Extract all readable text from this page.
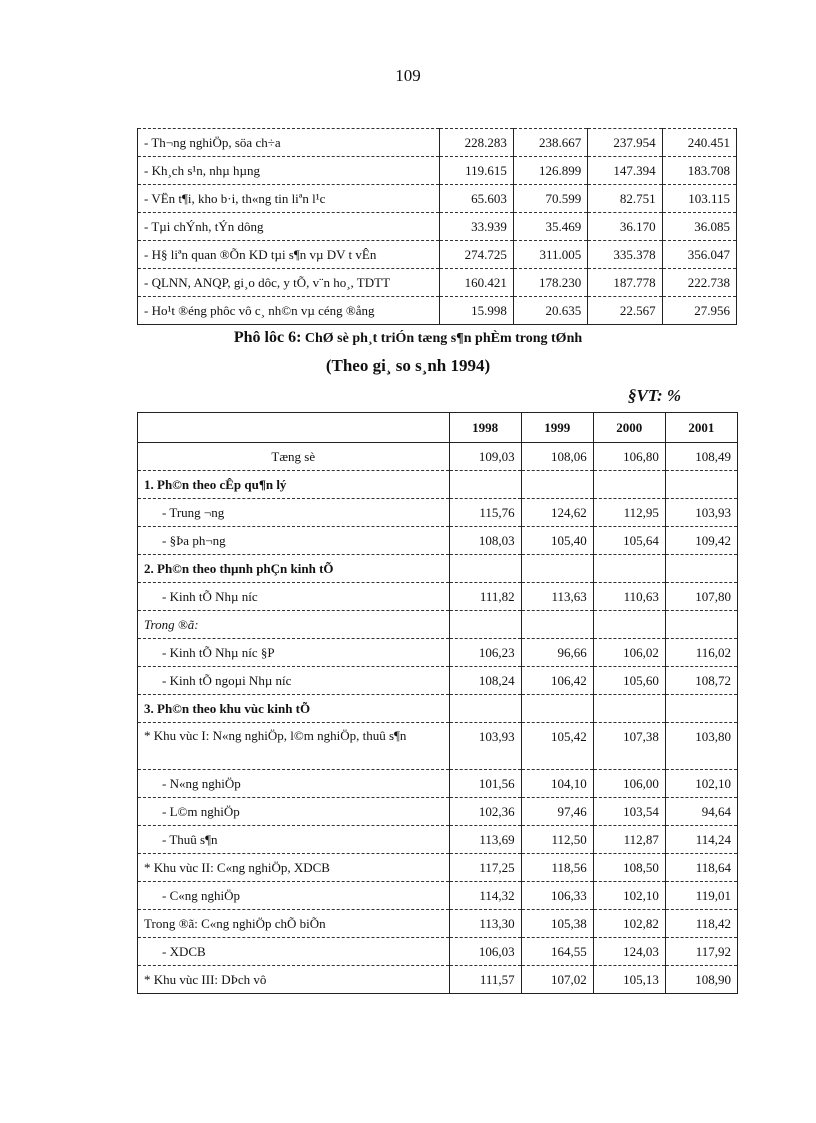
109
- Th¬ng nghiÖp, söa ch÷a	228.283	238.667	237.954	240.451
- Kh¸ch s¹n, nhµ hµng	119.615	126.899	147.394	183.708
- VËn t¶i, kho b·i, th«ng tin liªn l¹c	65.603	70.599	82.751	103.115
- Tµi chÝnh, tÝn dông	33.939	35.469	36.170	36.085
- H§ liªn quan ®Õn KD tµi s¶n vµ DV t vÊn	274.725	311.005	335.378	356.047
- QLNN, ANQP, gi¸o dôc, y tÕ, v¨n ho¸, TDTT	160.421	178.230	187.778	222.738
- Ho¹t ®éng phôc vô c¸ nh©n vµ céng ®ång	15.998	20.635	22.567	27.956
Phô lôc 6: ChØ sè ph¸t triÓn tæng s¶n phÈm trong tØnh
(Theo gi¸ so s¸nh 1994)
§VT: %
	1998	1999	2000	2001
Tæng sè	109,03	108,06	106,80	108,49
1. Ph©n theo cÊp qu¶n lý				
- Trung ¬ng	115,76	124,62	112,95	103,93
- §Þa ph¬ng	108,03	105,40	105,64	109,42
2. Ph©n theo thµnh phÇn kinh tÕ				
- Kinh tÕ Nhµ níc	111,82	113,63	110,63	107,80
Trong ®ã:				
- Kinh tÕ Nhµ níc §P	106,23	96,66	106,02	116,02
- Kinh tÕ ngoµi Nhµ níc	108,24	106,42	105,60	108,72
3. Ph©n theo khu vùc kinh tÕ				
* Khu vùc I: N«ng nghiÖp, l©m nghiÖp, thuû s¶n	103,93	105,42	107,38	103,80
- N«ng nghiÖp	101,56	104,10	106,00	102,10
- L©m nghiÖp	102,36	97,46	103,54	94,64
- Thuû s¶n	113,69	112,50	112,87	114,24
* Khu vùc II: C«ng nghiÖp, XDCB	117,25	118,56	108,50	118,64
- C«ng nghiÖp	114,32	106,33	102,10	119,01
Trong ®ã: C«ng nghiÖp chÕ biÕn	113,30	105,38	102,82	118,42
- XDCB	106,03	164,55	124,03	117,92
* Khu vùc III: DÞch vô	111,57	107,02	105,13	108,90
